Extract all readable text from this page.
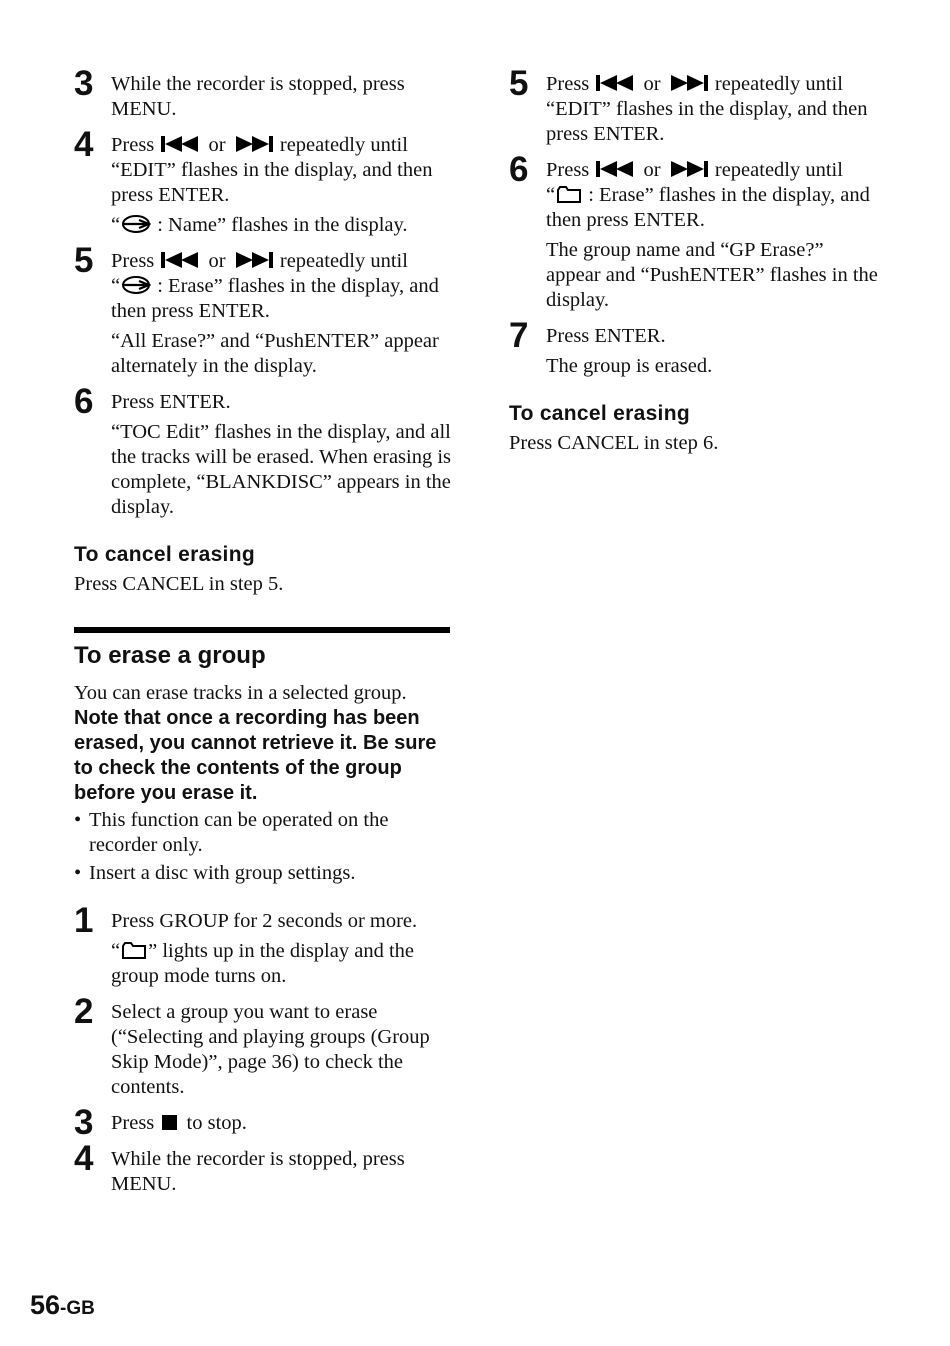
3 While the recorder is stopped, press MENU.

4 Press	or	repeatedly until “EDIT” flashes in the display, and then press ENTER.

“ : Name” flashes in the display.

5 Press	or	repeatedly until
“ : Erase” flashes in the display, and then press ENTER.

“All Erase?” and “PushENTER” appear alternately in the display.

6 Press ENTER.

“TOC Edit” flashes in the display, and all the tracks will be erased. When erasing is complete, “BLANKDISC” appears in the display.

To cancel erasing

Press CANCEL in step 5.

To erase a group

You can erase tracks in a selected group.

Note that once a recording has been erased, you cannot retrieve it. Be sure to check the contents of the group before you erase it.

• This function can be operated on the recorder only.
• Insert a disc with group settings.
1 Press GROUP for 2 seconds or more.

“ ” lights up in the display and the group mode turns on.

2 Select a group you want to erase (“Selecting and playing groups (Group Skip Mode)”, page 36) to check the contents.

3 Press to stop.

4 While the recorder is stopped, press MENU.

5 Press	or	repeatedly until “EDIT” flashes in the display, and then press ENTER.

6 Press	or	repeatedly until
“ : Erase” flashes in the display, and then press ENTER.

The group name and “GP Erase?” appear and “PushENTER” flashes in the display.

7 Press ENTER.

The group is erased.

To cancel erasing

Press CANCEL in step 6.

56-GB
